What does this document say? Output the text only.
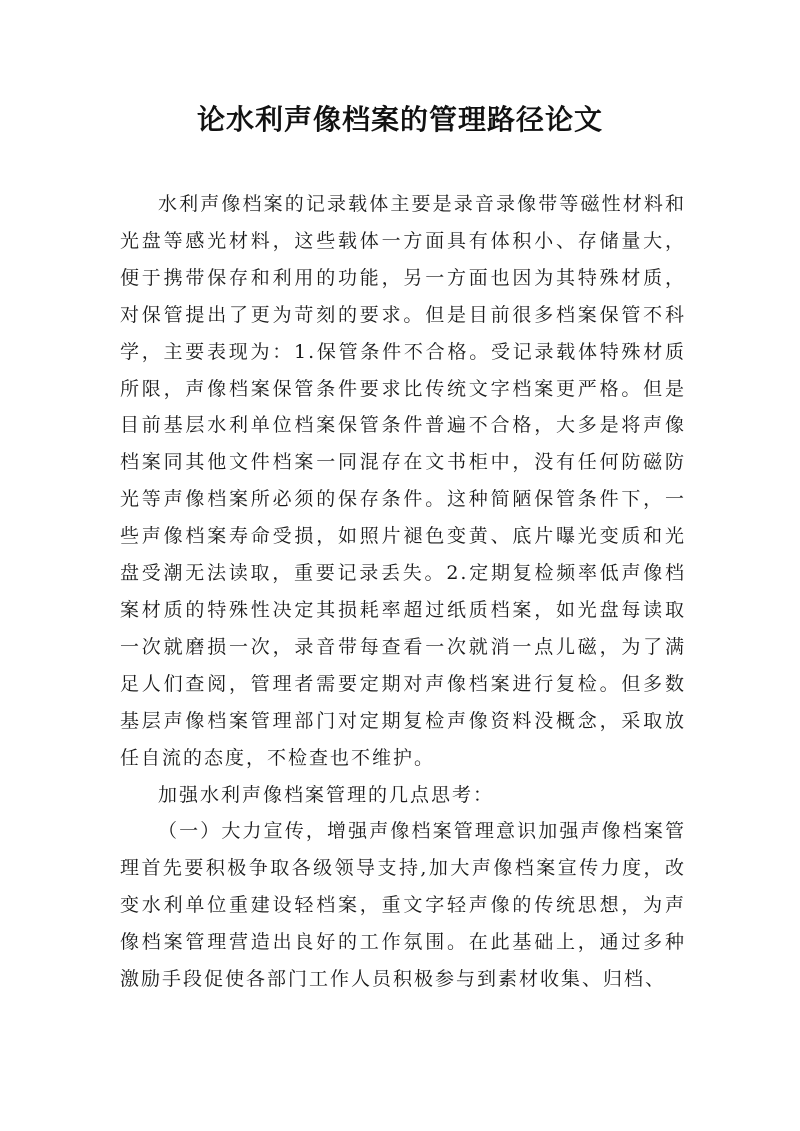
论水利声像档案的管理路径论文

水利声像档案的记录载体主要是录音录像带等磁性材料和光盘等感光材料，这些载体一方面具有体积小、存储量大，便于携带保存和利用的功能，另一方面也因为其特殊材质，对保管提出了更为苛刻的要求。但是目前很多档案保管不科学，主要表现为：1.保管条件不合格。受记录载体特殊材质所限，声像档案保管条件要求比传统文字档案更严格。但是目前基层水利单位档案保管条件普遍不合格，大多是将声像档案同其他文件档案一同混存在文书柜中，没有任何防磁防光等声像档案所必须的保存条件。这种简陋保管条件下，一些声像档案寿命受损，如照片褪色变黄、底片曝光变质和光盘受潮无法读取，重要记录丢失。2.定期复检频率低声像档案材质的特殊性决定其损耗率超过纸质档案，如光盘每读取一次就磨损一次，录音带每查看一次就消一点儿磁，为了满足人们查阅，管理者需要定期对声像档案进行复检。但多数基层声像档案管理部门对定期复检声像资料没概念，采取放任自流的态度，不检查也不维护。

加强水利声像档案管理的几点思考：

（一）大力宣传，增强声像档案管理意识加强声像档案管理首先要积极争取各级领导支持,加大声像档案宣传力度，改变水利单位重建设轻档案，重文字轻声像的传统思想，为声像档案管理营造出良好的工作氛围。在此基础上，通过多种激励手段促使各部门工作人员积极参与到素材收集、归档、
